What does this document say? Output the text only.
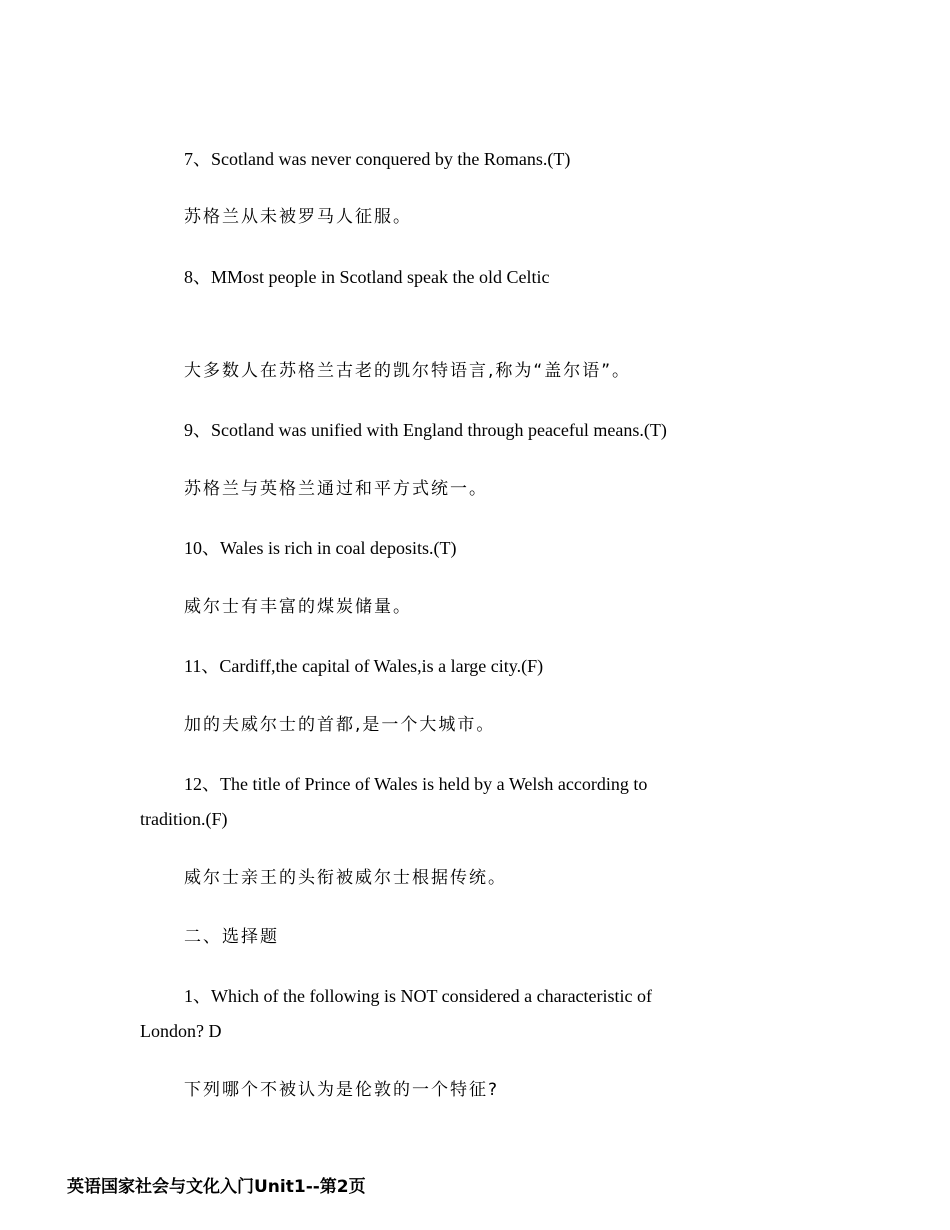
7、Scotland was never conquered by the Romans.(T)
苏格兰从未被罗马人征服。
8、MMost people in Scotland speak the old Celtic
大多数人在苏格兰古老的凯尔特语言,称为“盖尔语”。
9、Scotland was unified with England through peaceful means.(T)
苏格兰与英格兰通过和平方式统一。
10、Wales is rich in coal deposits.(T)
威尔士有丰富的煤炭储量。
11、Cardiff,the capital of Wales,is a large city.(F)
加的夫威尔士的首都,是一个大城市。
12、The title of Prince of Wales is held by a Welsh according to
tradition.(F)
威尔士亲王的头衔被威尔士根据传统。
二、选择题
1、Which of the following is NOT considered a characteristic of
London? D
下列哪个不被认为是伦敦的一个特征?
英语国家社会与文化入门Unit1--第2页
